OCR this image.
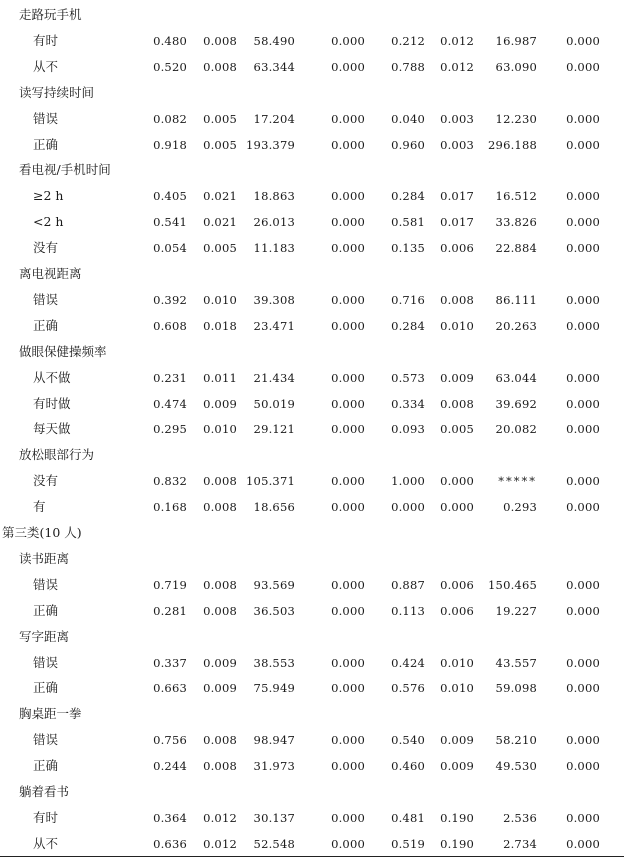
走路玩手机
有时	0.480 0.008 58.490	0.000 0.212 0.012 16.987	0.000
从不	0.520 0.008 63.344	0.000 0.788 0.012 63.090	0.000
读写持续时间
错误	0.082 0.005 17.204	0.000 0.040 0.003 12.230	0.000
正确	0.918 0.005 193.379	0.000 0.960 0.003 296.188	0.000
看电视/手机时间
≥2 h	0.405 0.021 18.863	0.000 0.284 0.017 16.512	0.000
<2 h	0.541 0.021 26.013	0.000 0.581 0.017 33.826	0.000
没有	0.054 0.005 11.183	0.000 0.135 0.006 22.884	0.000
离电视距离
错误	0.392 0.010 39.308	0.000 0.716 0.008 86.111	0.000
正确	0.608 0.018 23.471	0.000 0.284 0.010 20.263	0.000
做眼保健操频率
从不做	0.231 0.011 21.434	0.000 0.573 0.009 63.044	0.000
有时做	0.474 0.009 50.019	0.000 0.334 0.008 39.692	0.000
每天做	0.295 0.010 29.121	0.000 0.093 0.005 20.082	0.000
放松眼部行为
没有	0.832 0.008 105.371	0.000 1.000 0.000 *****	0.000
有	0.168 0.008 18.656	0.000 0.000 0.000	0.293	0.000
第三类(10 人)
读书距离
错误	0.719 0.008 93.569	0.000 0.887 0.006 150.465	0.000
正确	0.281 0.008 36.503	0.000 0.113 0.006 19.227	0.000
写字距离
错误	0.337 0.009 38.553	0.000 0.424 0.010 43.557	0.000
正确	0.663 0.009 75.949	0.000 0.576 0.010 59.098	0.000
胸桌距一拳
错误	0.756 0.008 98.947	0.000 0.540 0.009 58.210	0.000
正确	0.244 0.008 31.973	0.000 0.460 0.009 49.530	0.000
躺着看书
有时	0.364 0.012 30.137	0.000 0.481 0.190	2.536	0.000
从不	0.636 0.012 52.548	0.000 0.519 0.190	2.734	0.000
